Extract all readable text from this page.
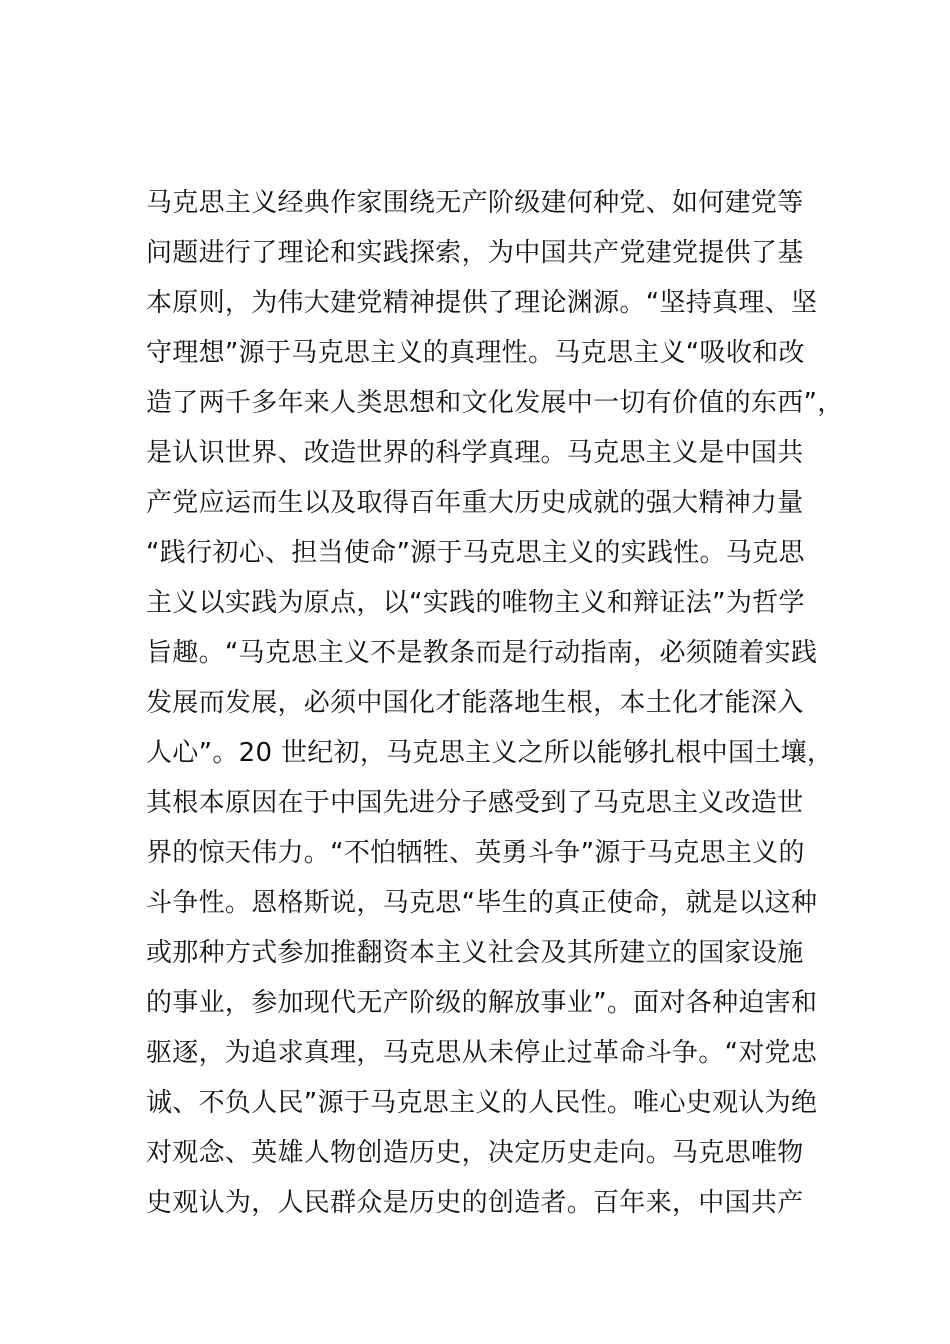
马克思主义经典作家围绕无产阶级建何种党、如何建党等
问题进行了理论和实践探索，为中国共产党建党提供了基
本原则，为伟大建党精神提供了理论渊源。“坚持真理、坚
守理想”源于马克思主义的真理性。马克思主义“吸收和改
造了两千多年来人类思想和文化发展中一切有价值的东西”，
是认识世界、改造世界的科学真理。马克思主义是中国共
产党应运而生以及取得百年重大历史成就的强大精神力量
“践行初心、担当使命”源于马克思主义的实践性。马克思
主义以实践为原点，以“实践的唯物主义和辩证法”为哲学
旨趣。“马克思主义不是教条而是行动指南，必须随着实践
发展而发展，必须中国化才能落地生根，本土化才能深入
人心”。20 世纪初，马克思主义之所以能够扎根中国土壤，
其根本原因在于中国先进分子感受到了马克思主义改造世
界的惊天伟力。“不怕牺牲、英勇斗争”源于马克思主义的
斗争性。恩格斯说，马克思“毕生的真正使命，就是以这种
或那种方式参加推翻资本主义社会及其所建立的国家设施
的事业，参加现代无产阶级的解放事业”。面对各种迫害和
驱逐，为追求真理，马克思从未停止过革命斗争。“对党忠
诚、不负人民”源于马克思主义的人民性。唯心史观认为绝
对观念、英雄人物创造历史，决定历史走向。马克思唯物
史观认为，人民群众是历史的创造者。百年来，中国共产
